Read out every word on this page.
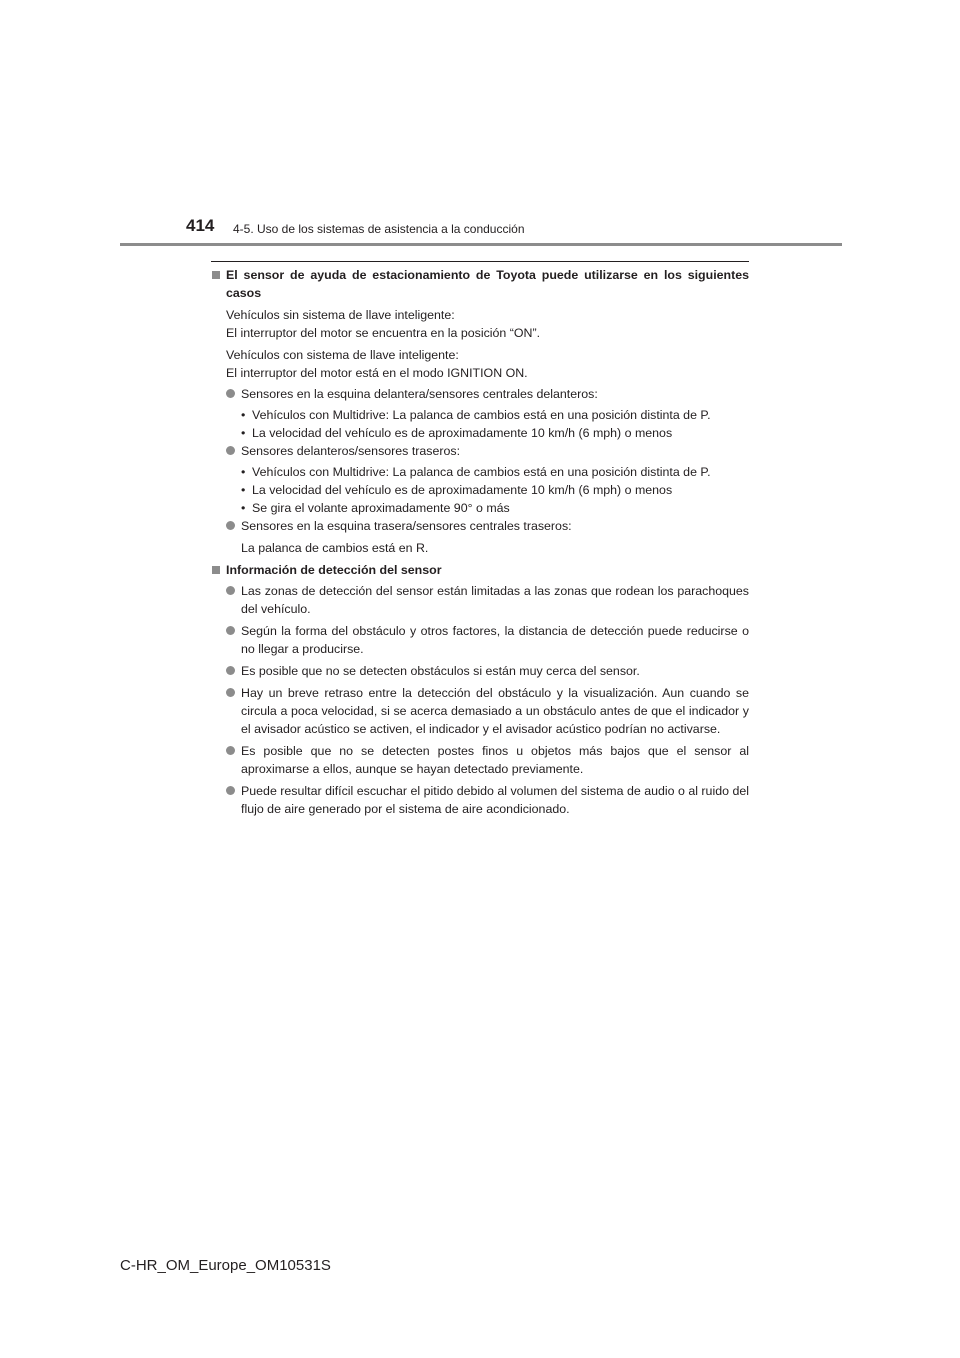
414 4-5. Uso de los sistemas de asistencia a la conducción
El sensor de ayuda de estacionamiento de Toyota puede utilizarse en los siguientes casos

Vehículos sin sistema de llave inteligente:
El interruptor del motor se encuentra en la posición “ON”.

Vehículos con sistema de llave inteligente:
El interruptor del motor está en el modo IGNITION ON.

Sensores en la esquina delantera/sensores centrales delanteros:
• Vehículos con Multidrive: La palanca de cambios está en una posición distinta de P.
• La velocidad del vehículo es de aproximadamente 10 km/h (6 mph) o menos
Sensores delanteros/sensores traseros:
• Vehículos con Multidrive: La palanca de cambios está en una posición distinta de P.
• La velocidad del vehículo es de aproximadamente 10 km/h (6 mph) o menos
• Se gira el volante aproximadamente 90° o más
Sensores en la esquina trasera/sensores centrales traseros:

La palanca de cambios está en R.

Información de detección del sensor
Las zonas de detección del sensor están limitadas a las zonas que rodean los parachoques del vehículo.
Según la forma del obstáculo y otros factores, la distancia de detección puede reducirse o no llegar a producirse.
Es posible que no se detecten obstáculos si están muy cerca del sensor.
Hay un breve retraso entre la detección del obstáculo y la visualización. Aun cuando se circula a poca velocidad, si se acerca demasiado a un obstáculo antes de que el indicador y el avisador acústico se activen, el indicador y el avisador acústico podrían no activarse.
Es posible que no se detecten postes finos u objetos más bajos que el sensor al aproximarse a ellos, aunque se hayan detectado previamente.
Puede resultar difícil escuchar el pitido debido al volumen del sistema de audio o al ruido del flujo de aire generado por el sistema de aire acondicionado.
C-HR_OM_Europe_OM10531S
